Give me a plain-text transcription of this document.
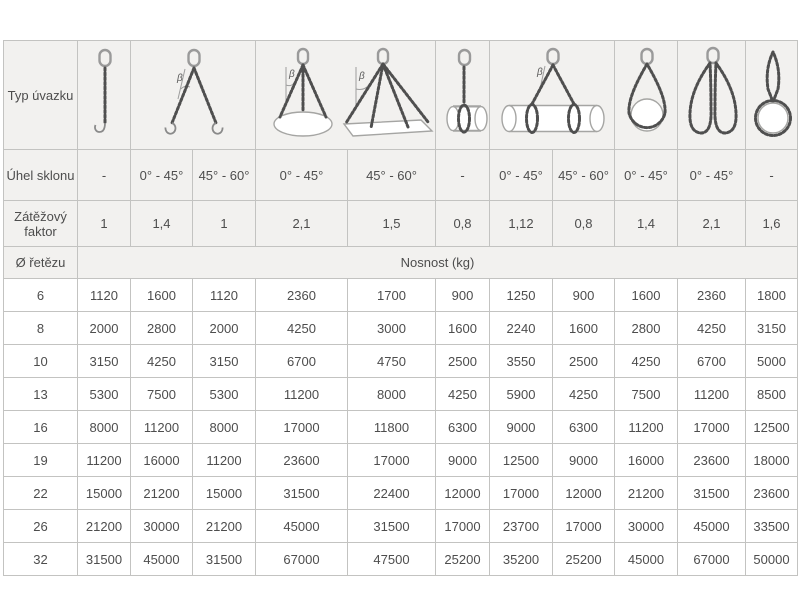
Typ úvazku		β		β β			β

Úhel sklonu	-	0° - 45°	45° - 60°	0° - 45°	45° - 60°	-	0° - 45°	45° - 60°	0° - 45°	0° - 45°	-
Zátěžový faktor	1	1,4	1	2,1	1,5	0,8	1,12	0,8	1,4	2,1	1,6
Ø řetězu	Nosnost (kg)										
6	1120	1600	1120	2360	1700	900	1250	900	1600	2360	1800
8	2000	2800	2000	4250	3000	1600	2240	1600	2800	4250	3150
10	3150	4250	3150	6700	4750	2500	3550	2500	4250	6700	5000
13	5300	7500	5300	11200	8000	4250	5900	4250	7500	11200	8500
16	8000	11200	8000	17000	11800	6300	9000	6300	11200	17000	12500
19	11200	16000	11200	23600	17000	9000	12500	9000	16000	23600	18000
22	15000	21200	15000	31500	22400	12000	17000	12000	21200	31500	23600
26	21200	30000	21200	45000	31500	17000	23700	17000	30000	45000	33500
32	31500	45000	31500	67000	47500	25200	35200	25200	45000	67000	50000
